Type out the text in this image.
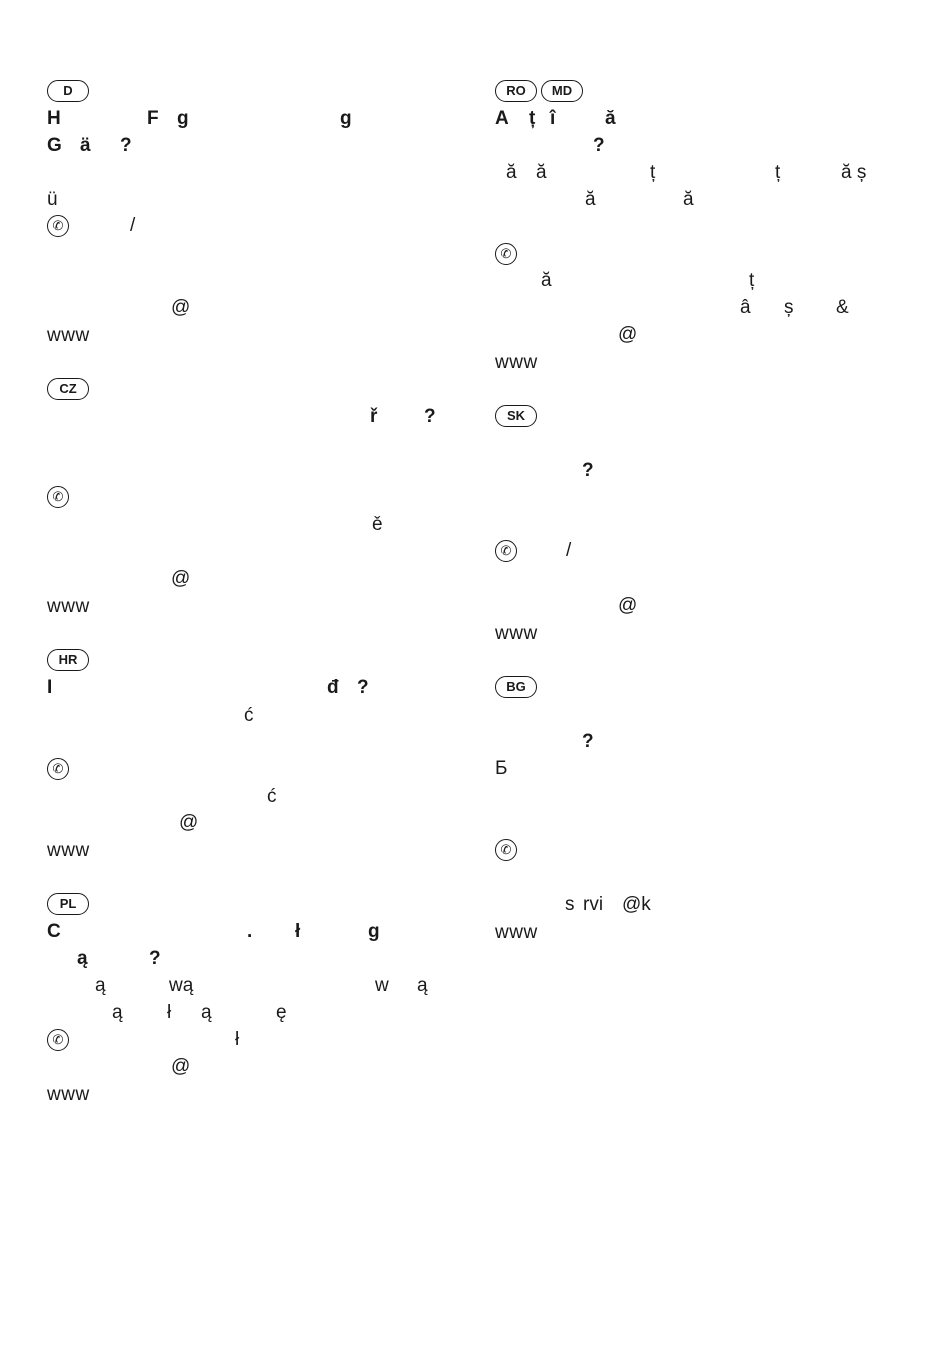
D
H	F g	g
G ä ?
ü
✆	/
@
www
CZ
ř ?
✆
ě
@
www
HR
I	đ ?
ć
✆
ć
@
www
PL
C	. ł	g
ą	?
ą	wą	w ą
ą ł ą	ę
✆	ł
@
www
RO	MD
A ț î	ă
?
ă ă	ț	ț	ă ș
ă	ă
✆
ă	ț
â ș &
@
www
SK
?
✆	/
@
www
BG
?
Б
✆
s rvi @k
www
